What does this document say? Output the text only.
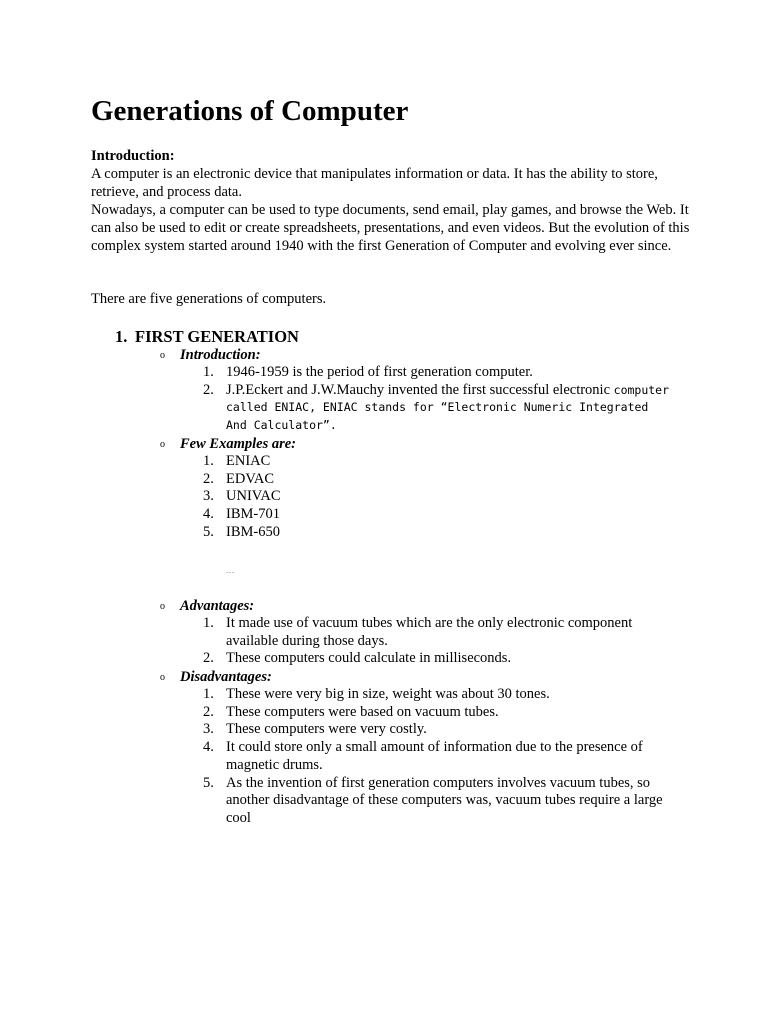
Generations of Computer

Introduction:

A computer is an electronic device that manipulates information or data. It has the ability to store, retrieve, and process data.

Nowadays, a computer can be used to type documents, send email, play games, and browse the Web. It can also be used to edit or create spreadsheets, presentations, and even videos. But the evolution of this complex system started around 1940 with the first Generation of Computer and evolving ever since.

There are five generations of computers.
1. FIRST GENERATION
o Introduction:
1. 1946-1959 is the period of first generation computer.
2. J.P.Eckert and J.W.Mauchy invented the first successful electronic computer called ENIAC, ENIAC stands for “Electronic Numeric Integrated And Calculator”.
o Few Examples are:
1. ENIAC
2. EDVAC
3. UNIVAC
4. IBM-701
5. IBM-650
...
o Advantages:
1. It made use of vacuum tubes which are the only electronic component available during those days.
2. These computers could calculate in milliseconds.
o Disadvantages:
1. These were very big in size, weight was about 30 tones.
2. These computers were based on vacuum tubes.
3. These computers were very costly.
4. It could store only a small amount of information due to the presence of magnetic drums.
5. As the invention of first generation computers involves vacuum tubes, so another disadvantage of these computers was, vacuum tubes require a large cool
